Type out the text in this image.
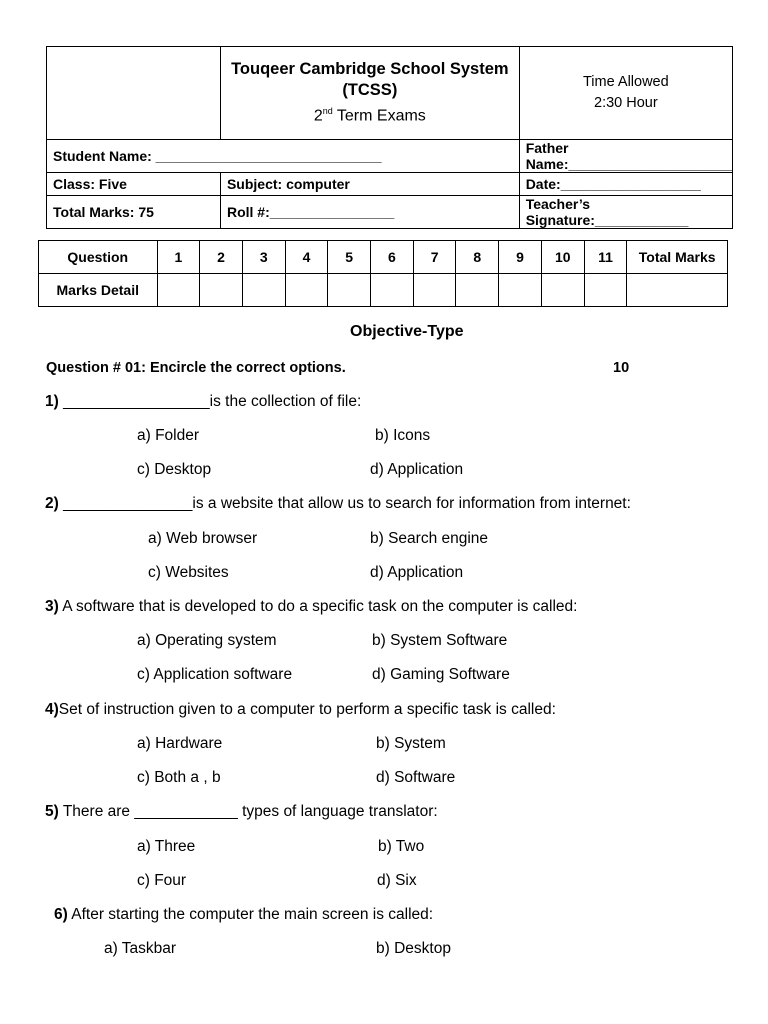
	Touqeer Cambridge School System
(TCSS)
2nd Term Exams		Time Allowed
2:30 Hour	

Student Name: _____________________________			Father Name:_____________________	
Class: Five	Subject: computer		Date:__________________	
Total Marks: 75	Roll #:________________		Teacher’s Signature:____________	

Question	1	2	3	4	5	6	7	8	9	10	11	Total Marks
Marks Detail												
Objective-Type
Question # 01: Encircle the correct options.	10
1) _________________is the collection of file:
a) Folder	b) Icons
c) Desktop	d) Application
2) _______________is a website that allow us to search for information from internet:
a) Web browser	b) Search engine
c) Websites	d) Application
3) A software that is developed to do a specific task on the computer is called:
a) Operating system	b) System Software
c) Application software	d) Gaming Software
4)Set of instruction given to a computer to perform a specific task is called:
a) Hardware	b) System
c) Both a , b	d) Software
5) There are ____________ types of language translator:
a) Three	b) Two
c) Four	d) Six
6) After starting the computer the main screen is called:
a) Taskbar	b) Desktop
